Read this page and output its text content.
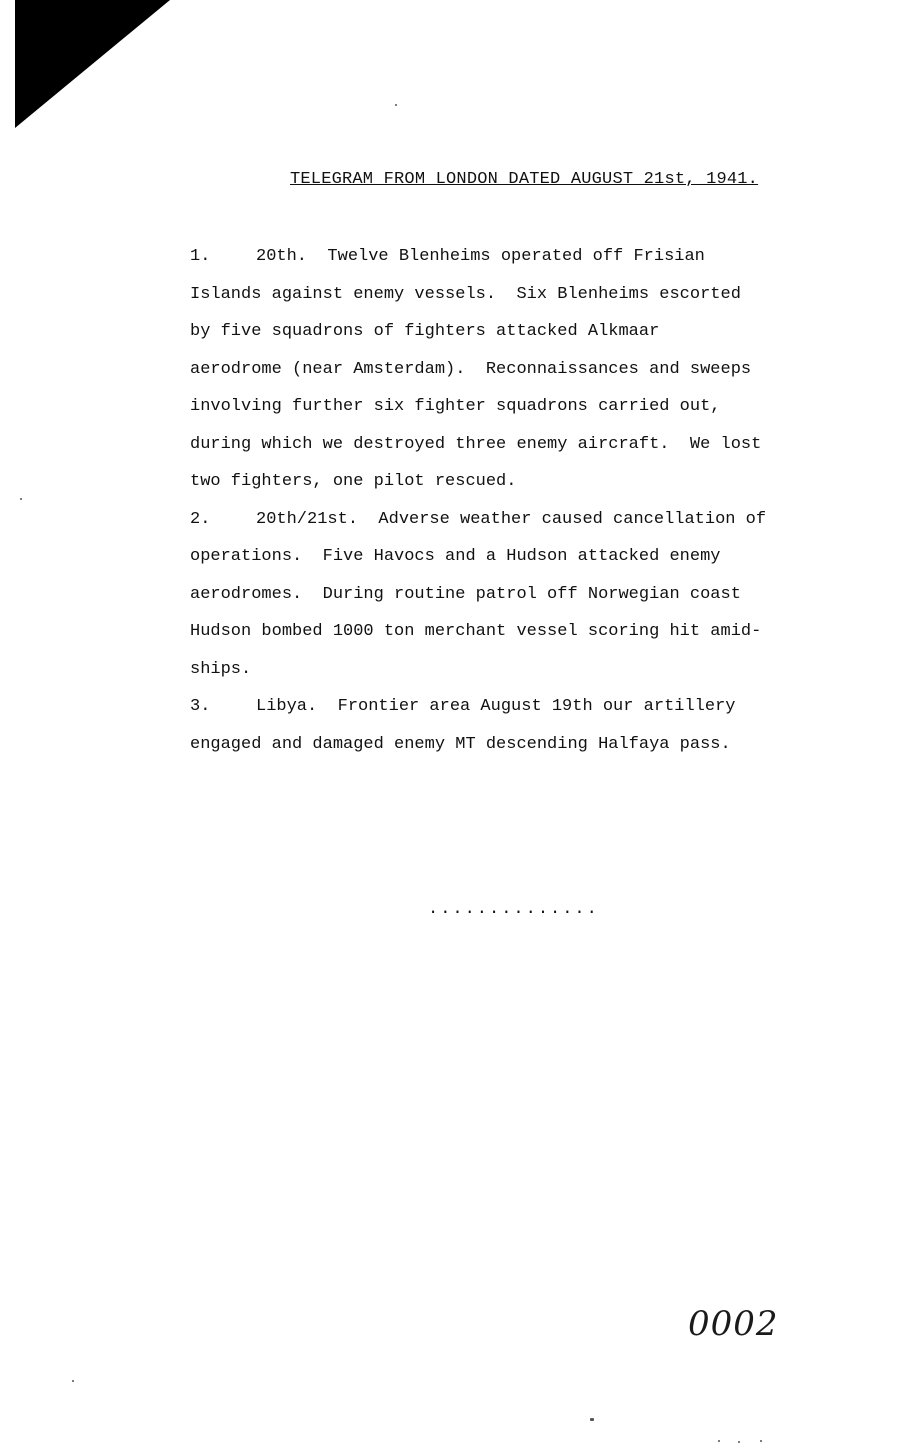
TELEGRAM FROM LONDON DATED AUGUST 21st, 1941.
1.	20th.  Twelve Blenheims operated off Frisian
Islands against enemy vessels.  Six Blenheims escorted
by five squadrons of fighters attacked Alkmaar
aerodrome (near Amsterdam).  Reconnaissances and sweeps
involving further six fighter squadrons carried out,
during which we destroyed three enemy aircraft.  We lost
two fighters, one pilot rescued.
2.	20th/21st.  Adverse weather caused cancellation of
operations.  Five Havocs and a Hudson attacked enemy
aerodromes.  During routine patrol off Norwegian coast
Hudson bombed 1000 ton merchant vessel scoring hit amid-
ships.
3.	Libya.  Frontier area August 19th our artillery
engaged and damaged enemy MT descending Halfaya pass.
..............
0002
